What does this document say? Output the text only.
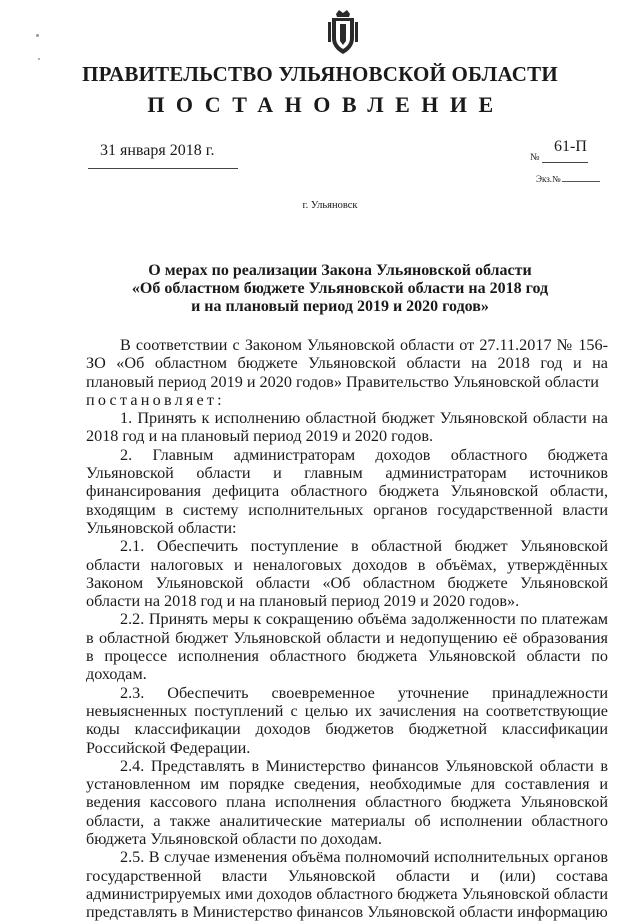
ПРАВИТЕЛЬСТВО УЛЬЯНОВСКОЙ ОБЛАСТИ
ПОСТАНОВЛЕНИЕ
31 января 2018 г.	№
61-П
Экз.№
г. Ульяновск
О мерах по реализации Закона Ульяновской области
«Об областном бюджете Ульяновской области на 2018 год
и на плановый период 2019 и 2020 годов»

В соответствии с Законом Ульяновской области от 27.11.2017 № 156-ЗО «Об областном бюджете Ульяновской области на 2018 год и на плановый период 2019 и 2020 годов» Правительство Ульяновской области

постановляет:

1. Принять к исполнению областной бюджет Ульяновской области на 2018 год и на плановый период 2019 и 2020 годов.

2. Главным администраторам доходов областного бюджета Ульяновской области и главным администраторам источников финансирования дефицита областного бюджета Ульяновской области, входящим в систему исполнительных органов государственной власти Ульяновской области:

2.1. Обеспечить поступление в областной бюджет Ульяновской области налоговых и неналоговых доходов в объёмах, утверждённых Законом Ульяновской области «Об областном бюджете Ульяновской области на 2018 год и на плановый период 2019 и 2020 годов».

2.2. Принять меры к сокращению объёма задолженности по платежам в областной бюджет Ульяновской области и недопущению её образования в процессе исполнения областного бюджета Ульяновской области по доходам.

2.3. Обеспечить своевременное уточнение принадлежности невыясненных поступлений с целью их зачисления на соответствующие коды классификации доходов бюджетов бюджетной классификации Российской Федерации.

2.4. Представлять в Министерство финансов Ульяновской области в установленном им порядке сведения, необходимые для составления и ведения кассового плана исполнения областного бюджета Ульяновской области, а также аналитические материалы об исполнении областного бюджета Ульяновской области по доходам.

2.5. В случае изменения объёма полномочий исполнительных органов государственной власти Ульяновской области и (или) состава администрируемых ими доходов областного бюджета Ульяновской области представлять в Министерство финансов Ульяновской области информацию
